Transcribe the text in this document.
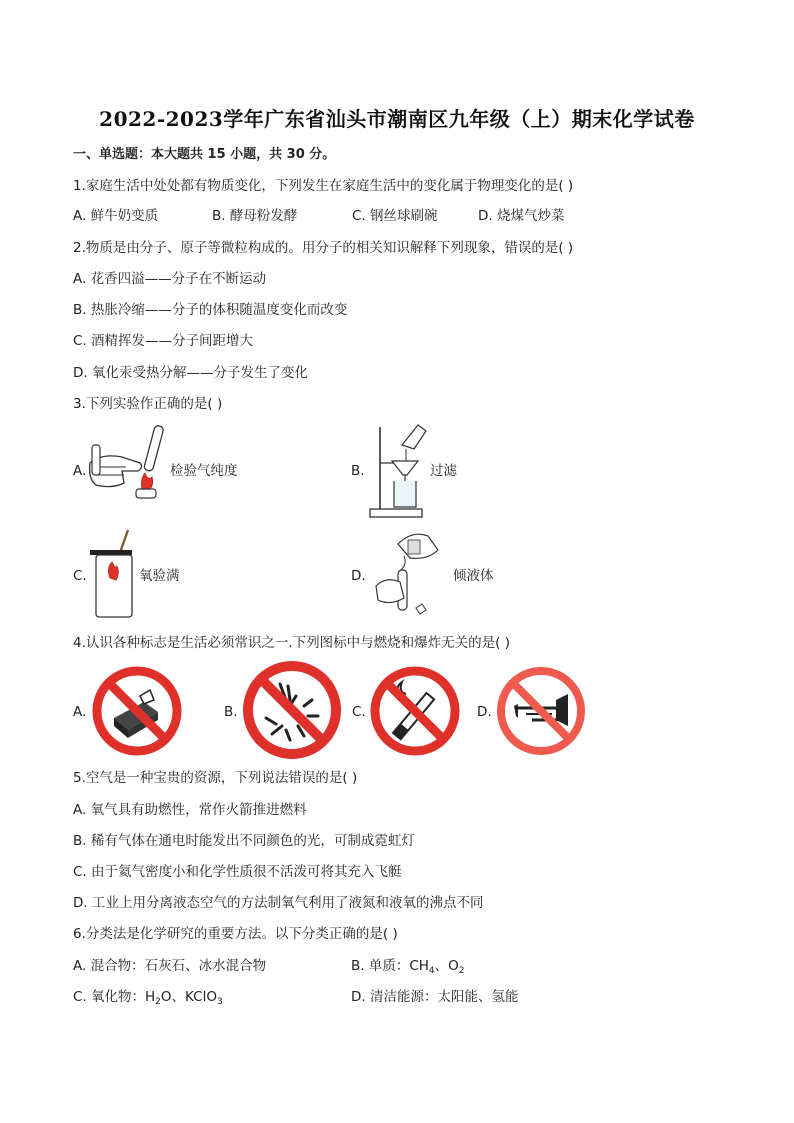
2022-2023学年广东省汕头市潮南区九年级（上）期末化学试卷
一、单选题：本大题共 15 小题，共 30 分。
1.家庭生活中处处都有物质变化，下列发生在家庭生活中的变化属于物理变化的是( )
A. 鲜牛奶变质	B. 酵母粉发酵	C. 钢丝球刷碗	D. 烧煤气炒菜
2.物质是由分子、原子等微粒构成的。用分子的相关知识解释下列现象，错误的是( )
A. 花香四溢——分子在不断运动
B. 热胀冷缩——分子的体积随温度变化而改变
C. 酒精挥发——分子间距增大
D. 氧化汞受热分解——分子发生了变化
3.下列实验作正确的是( )
A.	检验气纯度	B.	过滤
C.	氧验满	D.	倾液体
4.认识各种标志是生活必须常识之一.下列图标中与燃烧和爆炸无关的是( )
A.	B.	C.	D.
5.空气是一种宝贵的资源，下列说法错误的是( )
A. 氧气具有助燃性，常作火箭推进燃料
B. 稀有气体在通电时能发出不同颜色的光，可制成霓虹灯
C. 由于氦气密度小和化学性质很不活泼可将其充入飞艇
D. 工业上用分离液态空气的方法制氧气利用了液氮和液氧的沸点不同
6.分类法是化学研究的重要方法。以下分类正确的是( )
A. 混合物：石灰石、冰水混合物	B. 单质：$CH_4$、$O_2$
C. 氧化物：$H_2O$、KClO$_3$	D. 清洁能源：太阳能、氢能
